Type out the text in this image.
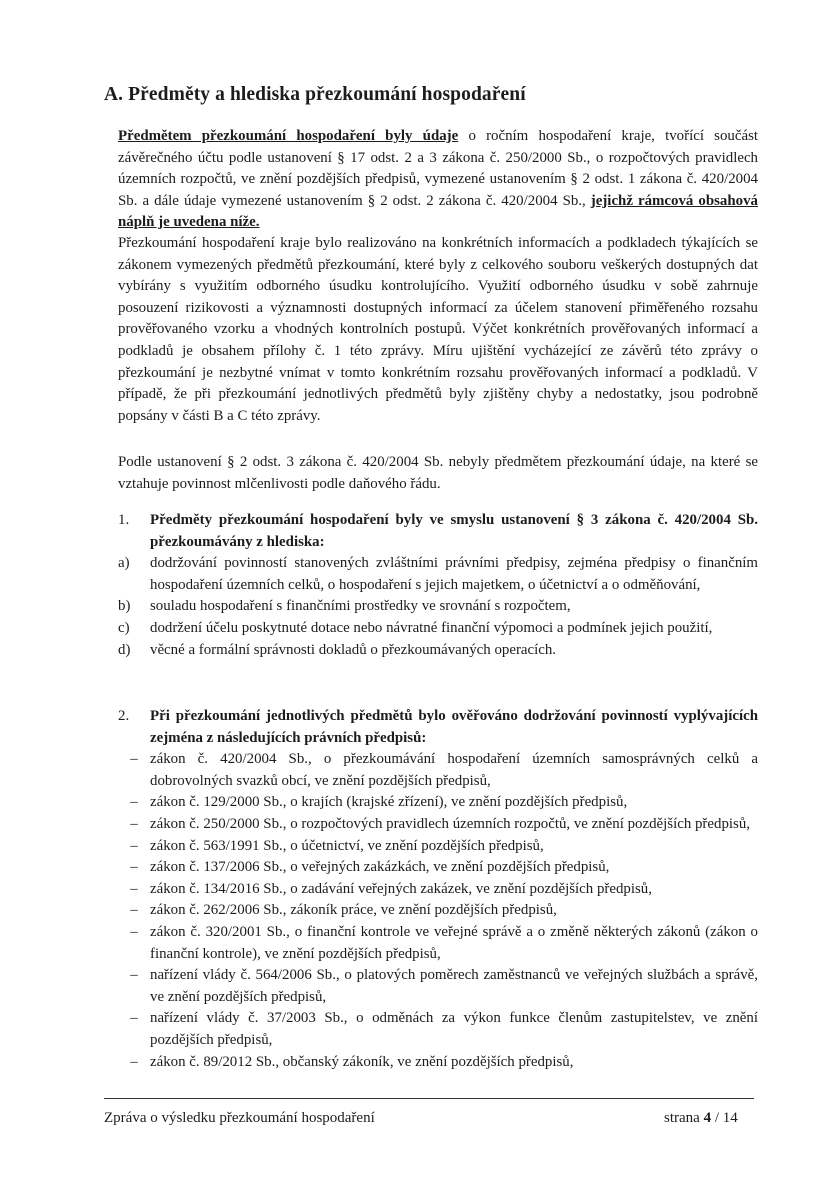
A. Předměty a hlediska přezkoumání hospodaření

Předmětem přezkoumání hospodaření byly údaje o ročním hospodaření kraje, tvořící součást závěrečného účtu podle ustanovení § 17 odst. 2 a 3 zákona č. 250/2000 Sb., o rozpočtových pravidlech územních rozpočtů, ve znění pozdějších předpisů, vymezené ustanovením § 2 odst. 1 zákona č. 420/2004 Sb. a dále údaje vymezené ustanovením § 2 odst. 2 zákona č. 420/2004 Sb., jejichž rámcová obsahová náplň je uvedena níže.

Přezkoumání hospodaření kraje bylo realizováno na konkrétních informacích a podkladech týkajících se zákonem vymezených předmětů přezkoumání, které byly z celkového souboru veškerých dostupných dat vybírány s využitím odborného úsudku kontrolujícího. Využití odborného úsudku v sobě zahrnuje posouzení rizikovosti a významnosti dostupných informací za účelem stanovení přiměřeného rozsahu prověřovaného vzorku a vhodných kontrolních postupů. Výčet konkrétních prověřovaných informací a podkladů je obsahem přílohy č. 1 této zprávy. Míru ujištění vycházející ze závěrů této zprávy o přezkoumání je nezbytné vnímat v tomto konkrétním rozsahu prověřovaných informací a podkladů. V případě, že při přezkoumání jednotlivých předmětů byly zjištěny chyby a nedostatky, jsou podrobně popsány v části B a C této zprávy.

Podle ustanovení § 2 odst. 3 zákona č. 420/2004 Sb. nebyly předmětem přezkoumání údaje, na které se vztahuje povinnost mlčenlivosti podle daňového řádu.

1.	Předměty přezkoumání hospodaření byly ve smyslu ustanovení § 3 zákona č. 420/2004 Sb. přezkoumávány z hlediska:
a)	dodržování povinností stanovených zvláštními právními předpisy, zejména předpisy o finančním hospodaření územních celků, o hospodaření s jejich majetkem, o účetnictví a o odměňování,
b)	souladu hospodaření s finančními prostředky ve srovnání s rozpočtem,
c)	dodržení účelu poskytnuté dotace nebo návratné finanční výpomoci a podmínek jejich použití,
d)	věcné a formální správnosti dokladů o přezkoumávaných operacích.
2.	Při přezkoumání jednotlivých předmětů bylo ověřováno dodržování povinností vyplývajících zejména z následujících právních předpisů:
– zákon č. 420/2004 Sb., o přezkoumávání hospodaření územních samosprávných celků a dobrovolných svazků obcí, ve znění pozdějších předpisů,
– zákon č. 129/2000 Sb., o krajích (krajské zřízení), ve znění pozdějších předpisů,
– zákon č. 250/2000 Sb., o rozpočtových pravidlech územních rozpočtů, ve znění pozdějších předpisů,
– zákon č. 563/1991 Sb., o účetnictví, ve znění pozdějších předpisů,
– zákon č. 137/2006 Sb., o veřejných zakázkách, ve znění pozdějších předpisů,
– zákon č. 134/2016 Sb., o zadávání veřejných zakázek, ve znění pozdějších předpisů,
– zákon č. 262/2006 Sb., zákoník práce, ve znění pozdějších předpisů,
– zákon č. 320/2001 Sb., o finanční kontrole ve veřejné správě a o změně některých zákonů (zákon o finanční kontrole), ve znění pozdějších předpisů,
– nařízení vlády č. 564/2006 Sb., o platových poměrech zaměstnanců ve veřejných službách a správě, ve znění pozdějších předpisů,
– nařízení vlády č. 37/2003 Sb., o odměnách za výkon funkce členům zastupitelstev, ve znění pozdějších předpisů,
– zákon č. 89/2012 Sb., občanský zákoník, ve znění pozdějších předpisů,
Zpráva o výsledku přezkoumání hospodaření	strana 4 / 14
